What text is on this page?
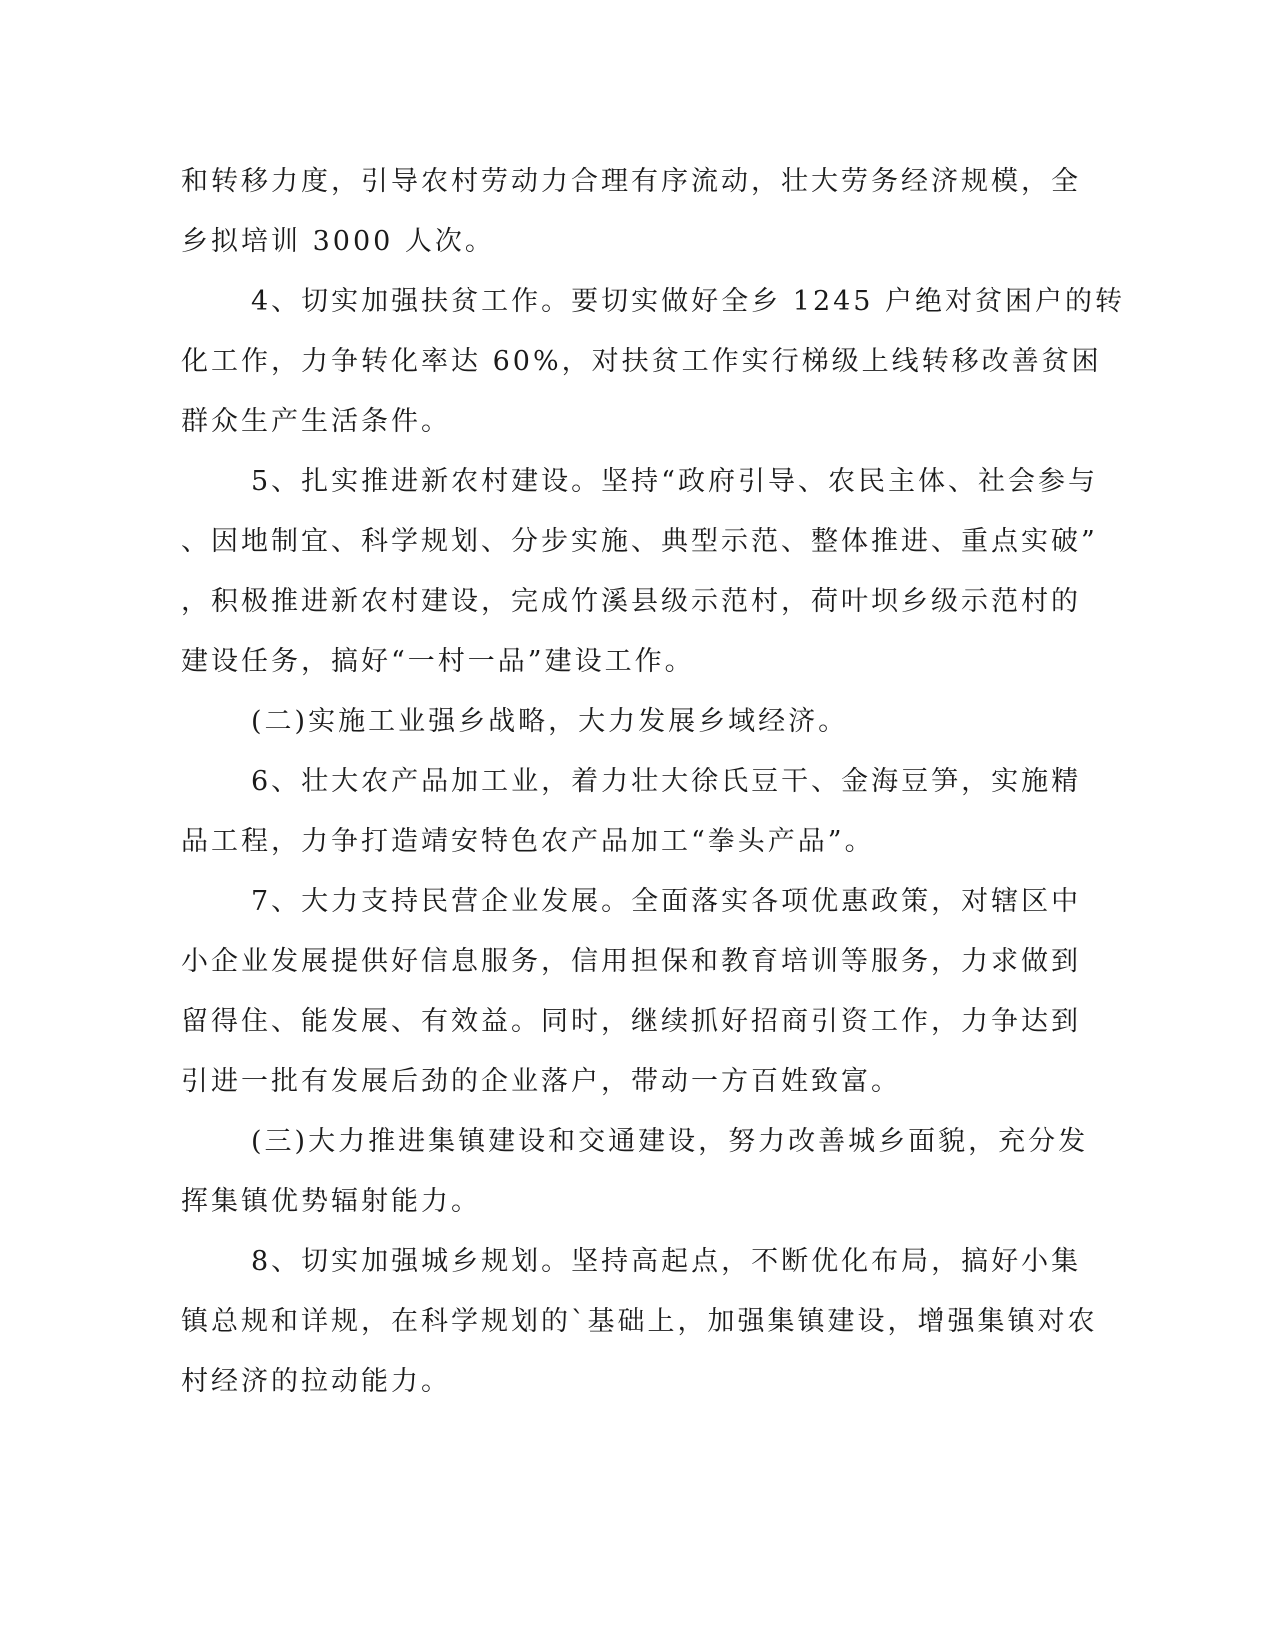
和转移力度，引导农村劳动力合理有序流动，壮大劳务经济规模，全
乡拟培训 3000 人次。
4、切实加强扶贫工作。要切实做好全乡 1245 户绝对贫困户的转
化工作，力争转化率达 60%，对扶贫工作实行梯级上线转移改善贫困
群众生产生活条件。
5、扎实推进新农村建设。坚持“政府引导、农民主体、社会参与
、因地制宜、科学规划、分步实施、典型示范、整体推进、重点实破”
，积极推进新农村建设，完成竹溪县级示范村，荷叶坝乡级示范村的
建设任务，搞好“一村一品”建设工作。
(二)实施工业强乡战略，大力发展乡域经济。
6、壮大农产品加工业，着力壮大徐氏豆干、金海豆笋，实施精
品工程，力争打造靖安特色农产品加工“拳头产品”。
7、大力支持民营企业发展。全面落实各项优惠政策，对辖区中
小企业发展提供好信息服务，信用担保和教育培训等服务，力求做到
留得住、能发展、有效益。同时，继续抓好招商引资工作，力争达到
引进一批有发展后劲的企业落户，带动一方百姓致富。
(三)大力推进集镇建设和交通建设，努力改善城乡面貌，充分发
挥集镇优势辐射能力。
8、切实加强城乡规划。坚持高起点，不断优化布局，搞好小集
镇总规和详规，在科学规划的`基础上，加强集镇建设，增强集镇对农
村经济的拉动能力。
